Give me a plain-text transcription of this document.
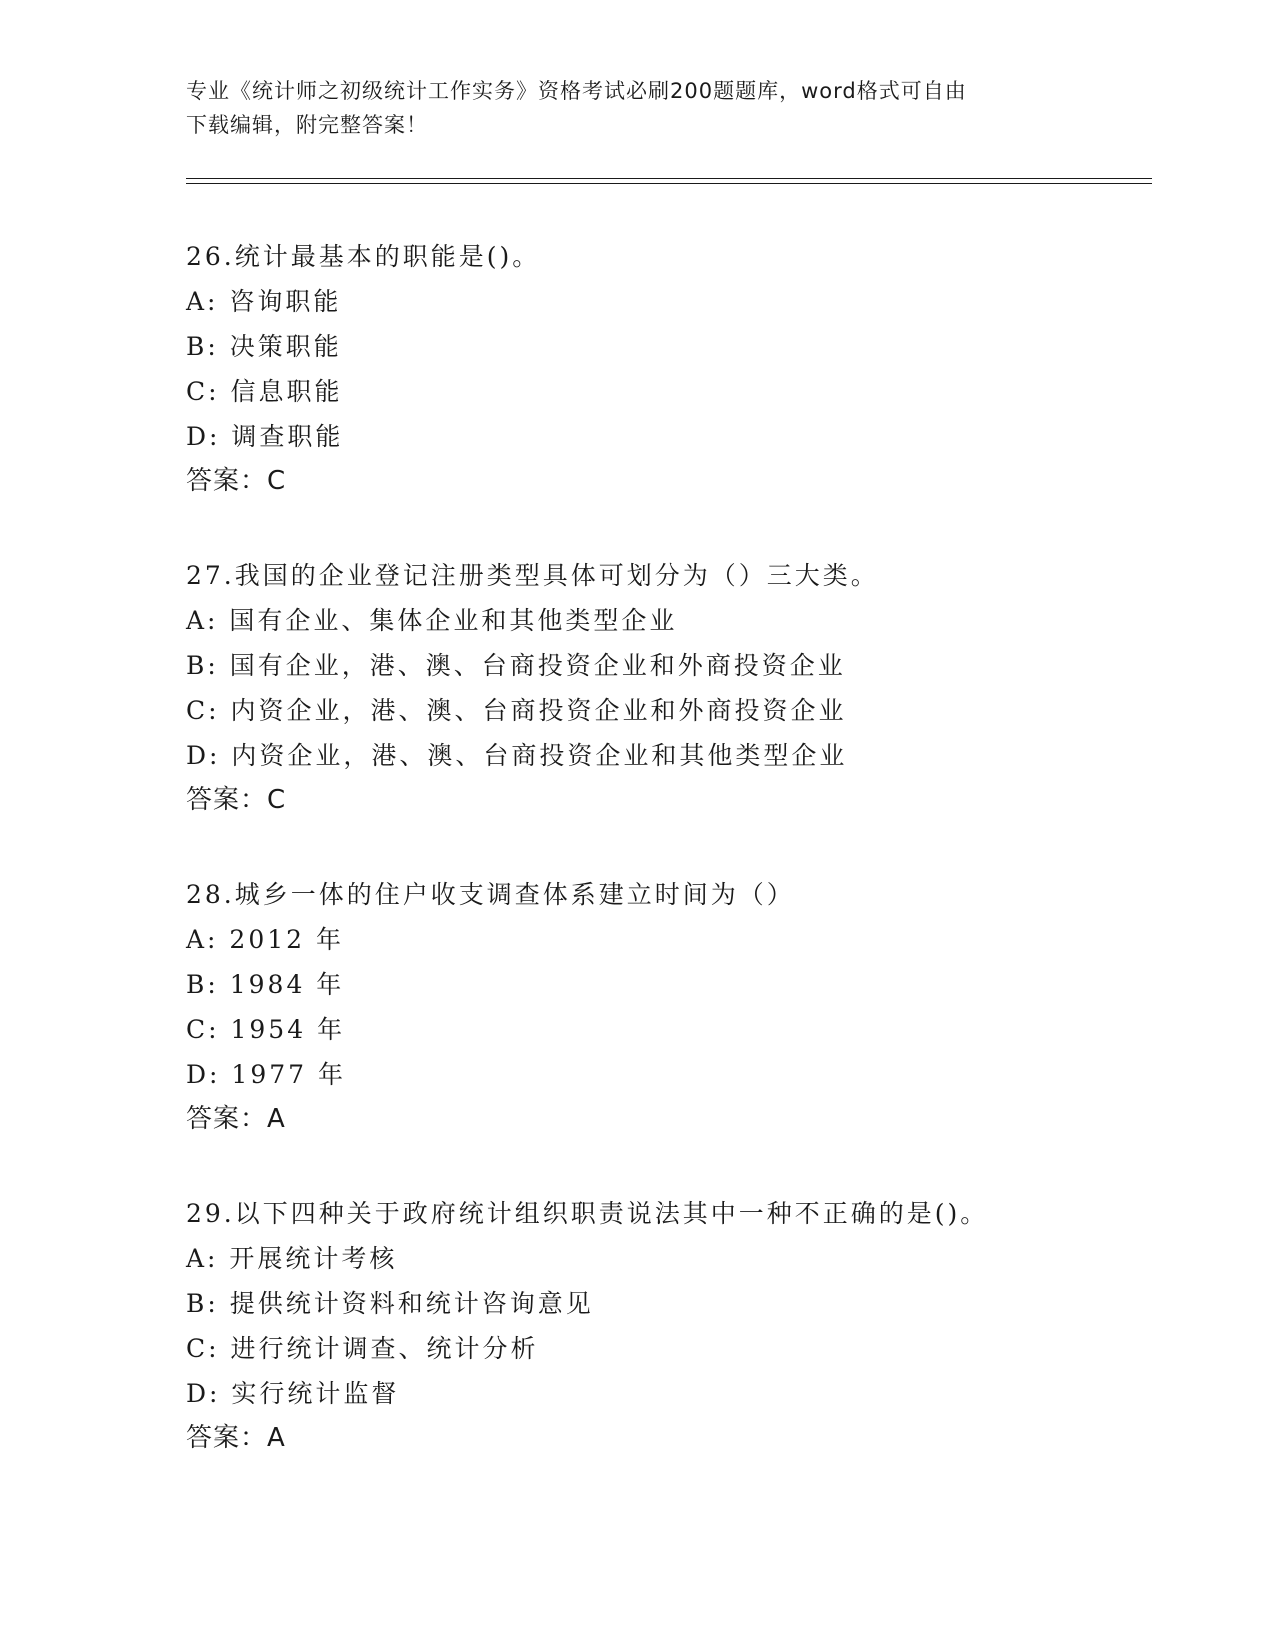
专业《统计师之初级统计工作实务》资格考试必刷200题题库，word格式可自由
下载编辑，附完整答案！
26.统计最基本的职能是()。
A: 咨询职能
B: 决策职能
C: 信息职能
D: 调查职能
答案：C
27.我国的企业登记注册类型具体可划分为（）三大类。
A: 国有企业、集体企业和其他类型企业
B: 国有企业，港、澳、台商投资企业和外商投资企业
C: 内资企业，港、澳、台商投资企业和外商投资企业
D: 内资企业，港、澳、台商投资企业和其他类型企业
答案：C
28.城乡一体的住户收支调查体系建立时间为（）
A: 2012 年
B: 1984 年
C: 1954 年
D: 1977 年
答案：A
29.以下四种关于政府统计组织职责说法其中一种不正确的是()。
A: 开展统计考核
B: 提供统计资料和统计咨询意见
C: 进行统计调查、统计分析
D: 实行统计监督
答案：A
